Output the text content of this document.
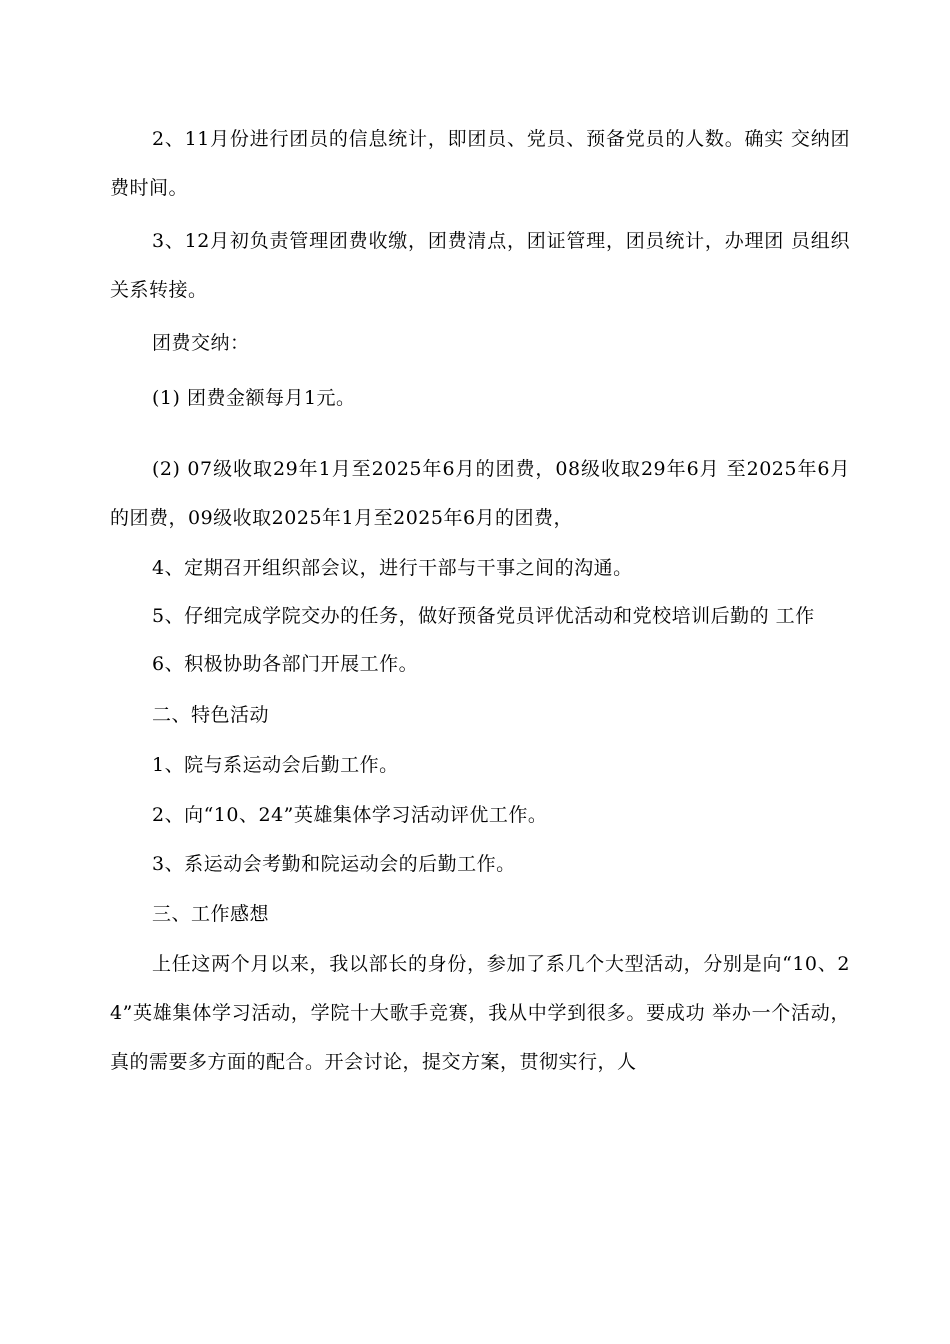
2、11月份进行团员的信息统计，即团员、党员、预备党员的人数。确实 交纳团费时间。

3、12月初负责管理团费收缴，团费清点，团证管理，团员统计，办理团 员组织关系转接。

团费交纳：

(1) 团费金额每月1元。

(2) 07级收取29年1月至2025年6月的团费，08级收取29年6月 至2025年6月的团费，09级收取2025年1月至2025年6月的团费，

4、定期召开组织部会议，进行干部与干事之间的沟通。

5、仔细完成学院交办的任务，做好预备党员评优活动和党校培训后勤的 工作

6、积极协助各部门开展工作。

二、特色活动

1、院与系运动会后勤工作。

2、向“10、24”英雄集体学习活动评优工作。

3、系运动会考勤和院运动会的后勤工作。

三、工作感想

上任这两个月以来，我以部长的身份，参加了系几个大型活动，分别是向“10、24”英雄集体学习活动，学院十大歌手竞赛，我从中学到很多。要成功 举办一个活动，真的需要多方面的配合。开会讨论，提交方案，贯彻实行，人
